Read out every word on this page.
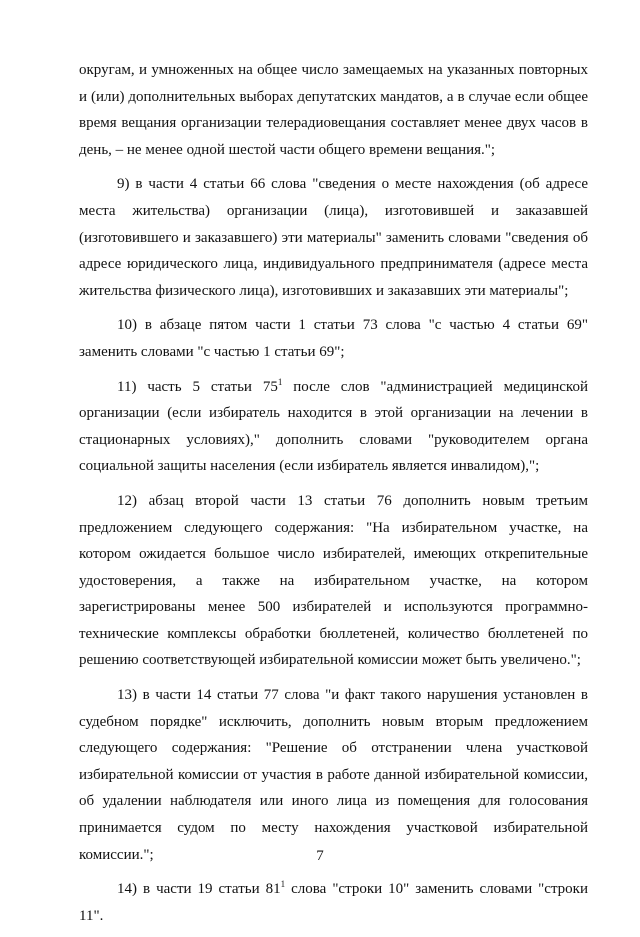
округам, и умноженных на общее число замещаемых на указанных повторных и (или) дополнительных выборах депутатских мандатов, а в случае если общее время вещания организации телерадиовещания составляет менее двух часов в день, – не менее одной шестой части общего времени вещания.";

9) в части 4 статьи 66 слова "сведения о месте нахождения (об адресе места жительства) организации (лица), изготовившей и заказавшей (изготовившего и заказавшего) эти материалы" заменить словами "сведения об адресе юридического лица, индивидуального предпринимателя (адресе места жительства физического лица), изготовивших и заказавших эти материалы";

10) в абзаце пятом части 1 статьи 73 слова "с частью 4 статьи 69" заменить словами "с частью 1 статьи 69";

11) часть 5 статьи $75^1$ после слов "администрацией медицинской организации (если избиратель находится в этой организации на лечении в стационарных условиях)," дополнить словами "руководителем органа социальной защиты населения (если избиратель является инвалидом),";

12) абзац второй части 13 статьи 76 дополнить новым третьим предложением следующего содержания: "На избирательном участке, на котором ожидается большое число избирателей, имеющих открепительные удостоверения, а также на избирательном участке, на котором зарегистрированы менее 500 избирателей и используются программно-технические комплексы обработки бюллетеней, количество бюллетеней по решению соответствующей избирательной комиссии может быть увеличено.";

13) в части 14 статьи 77 слова "и факт такого нарушения установлен в судебном порядке" исключить, дополнить новым вторым предложением следующего содержания: "Решение об отстранении члена участковой избирательной комиссии от участия в работе данной избирательной комиссии, об удалении наблюдателя или иного лица из помещения для голосования принимается судом по месту нахождения участковой избирательной комиссии.";

14) в части 19 статьи $81^1$ слова "строки 10" заменить словами "строки 11".

7
